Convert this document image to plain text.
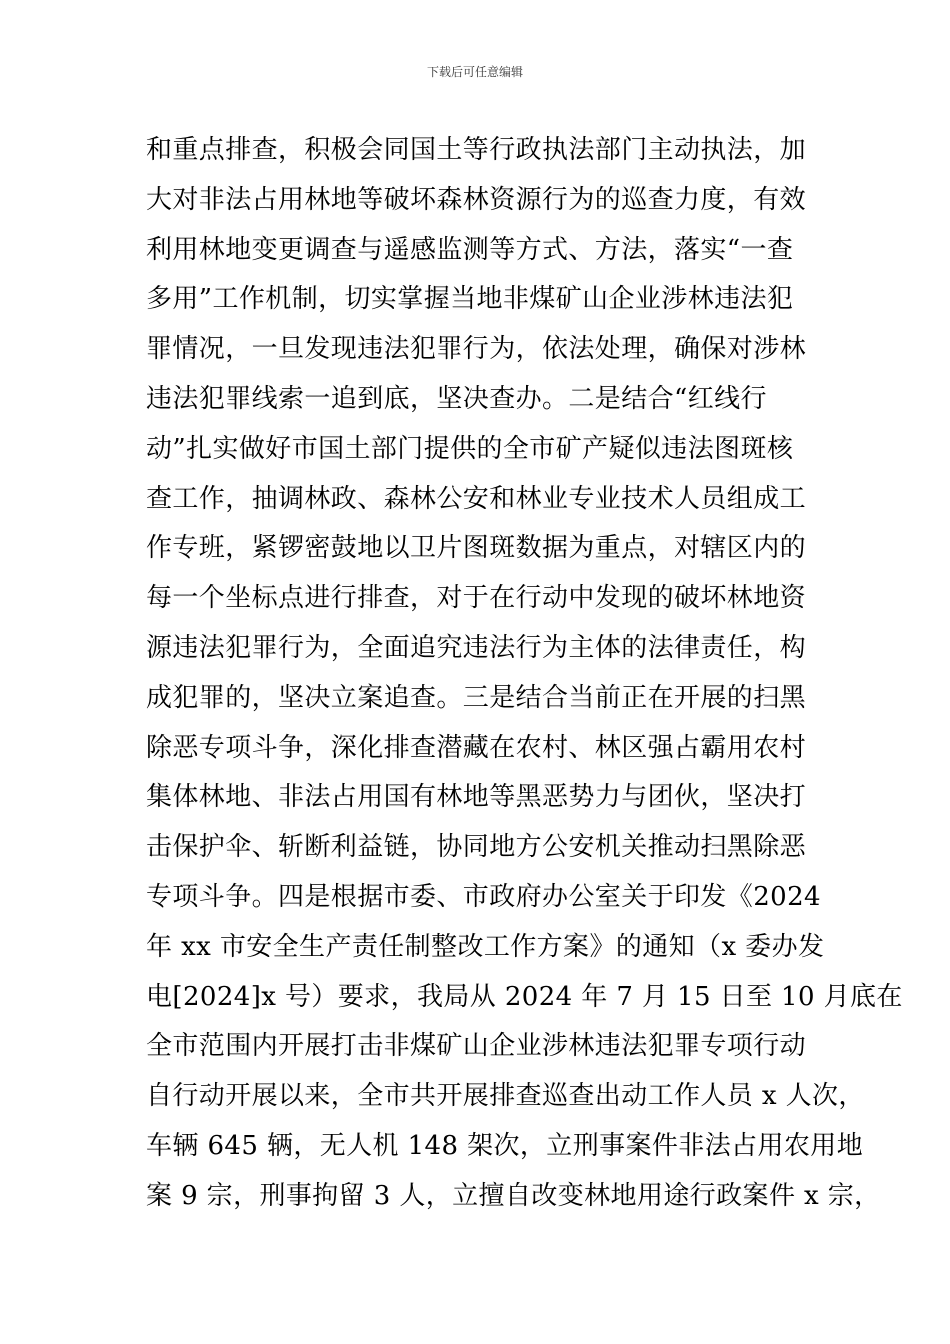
下载后可任意编辑
和重点排查，积极会同国土等行政执法部门主动执法，加
大对非法占用林地等破坏森林资源行为的巡查力度，有效
利用林地变更调查与遥感监测等方式、方法，落实“一查
多用”工作机制，切实掌握当地非煤矿山企业涉林违法犯
罪情况，一旦发现违法犯罪行为，依法处理，确保对涉林
违法犯罪线索一追到底，坚决查办。二是结合“红线行
动”扎实做好市国土部门提供的全市矿产疑似违法图斑核
查工作，抽调林政、森林公安和林业专业技术人员组成工
作专班，紧锣密鼓地以卫片图斑数据为重点，对辖区内的
每一个坐标点进行排查，对于在行动中发现的破坏林地资
源违法犯罪行为，全面追究违法行为主体的法律责任，构
成犯罪的，坚决立案追查。三是结合当前正在开展的扫黑
除恶专项斗争，深化排查潜藏在农村、林区强占霸用农村
集体林地、非法占用国有林地等黑恶势力与团伙，坚决打
击保护伞、斩断利益链，协同地方公安机关推动扫黑除恶
专项斗争。四是根据市委、市政府办公室关于印发《2024
年 xx 市安全生产责任制整改工作方案》的通知（x 委办发
电[2024]x 号）要求，我局从 2024 年 7 月 15 日至 10 月底在
全市范围内开展打击非煤矿山企业涉林违法犯罪专项行动
自行动开展以来，全市共开展排查巡查出动工作人员 x 人次，
车辆 645 辆，无人机 148 架次，立刑事案件非法占用农用地
案 9 宗，刑事拘留 3 人，立擅自改变林地用途行政案件 x 宗，
